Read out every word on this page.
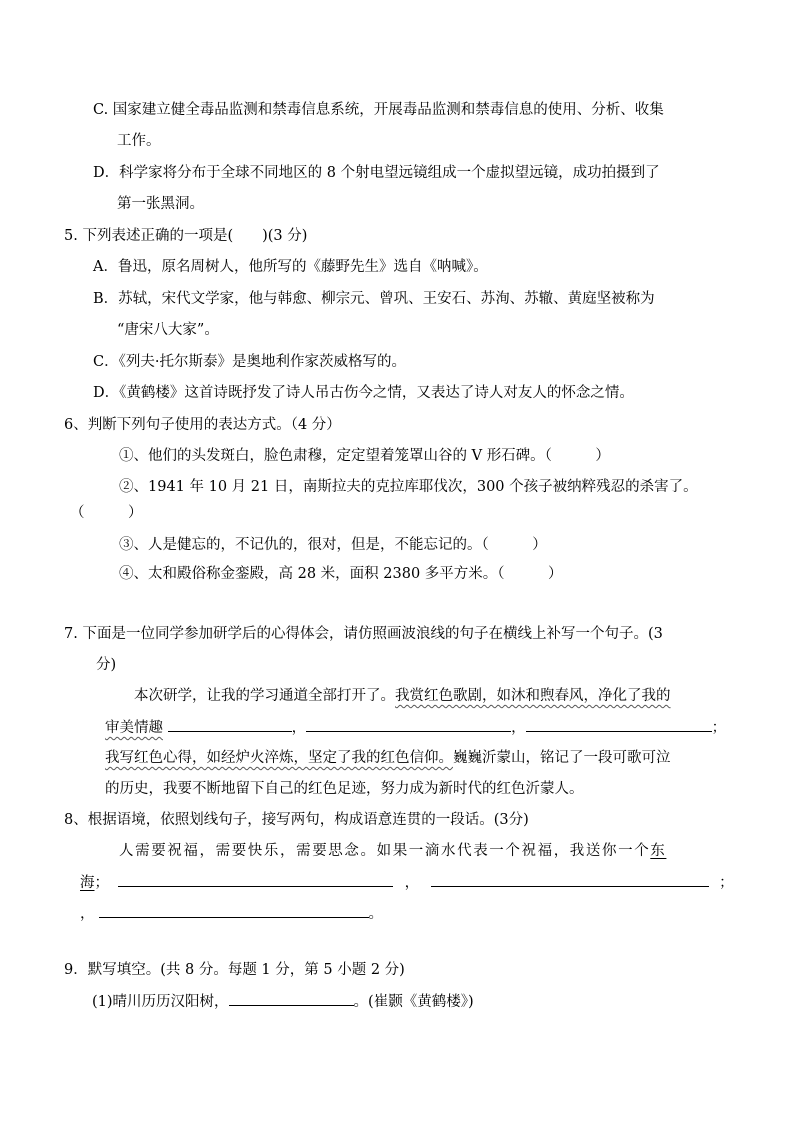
C. 国家建立健全毒品监测和禁毒信息系统，开展毒品监测和禁毒信息的使用、分析、收集
工作。
D．科学家将分布于全球不同地区的 8 个射电望远镜组成一个虚拟望远镜，成功拍摄到了
第一张黑洞。
5. 下列表述正确的一项是(　　)(3 分)
A．鲁迅，原名周树人，他所写的《藤野先生》选自《呐喊》。
B．苏轼，宋代文学家，他与韩愈、柳宗元、曾巩、王安石、苏洵、苏辙、黄庭坚被称为
“唐宋八大家”。
C．《列夫·托尔斯泰》是奥地利作家茨威格写的。
D．《黄鹤楼》这首诗既抒发了诗人吊古伤今之情，又表达了诗人对友人的怀念之情。
6、判断下列句子使用的表达方式。（4 分）
①、他们的头发斑白，脸色肃穆，定定望着笼罩山谷的 V 形石碑。（　　　）
②、1941 年 10 月 21 日，南斯拉夫的克拉库耶伐次，300 个孩子被纳粹残忍的杀害了。
（　　　）
③、人是健忘的，不记仇的，很对，但是，不能忘记的。（　　　）
④、太和殿俗称金銮殿，高 28 米，面积 2380 多平方米。（　　　）
7. 下面是一位同学参加研学后的心得体会，请仿照画波浪线的句子在横线上补写一个句子。(3
分)
本次研学，让我的学习通道全部打开了。我赏红色歌剧，如沐和煦春风，净化了我的
审美情趣	，	，	；
我写红色心得，如经炉火淬炼，坚定了我的红色信仰。巍巍沂蒙山，铭记了一段可歌可泣
的历史，我要不断地留下自己的红色足迹，努力成为新时代的红色沂蒙人。
8、根据语境，依照划线句子，接写两句，构成语意连贯的一段话。(3分)
人需要祝福，需要快乐，需要思念。如果一滴水代表一个祝福，我送你一个东
海；	，	；
，	。
9．默写填空。(共 8 分。每题 1 分，第 5 小题 2 分)
(1)晴川历历汉阳树，	。(崔颢《黄鹤楼》)
